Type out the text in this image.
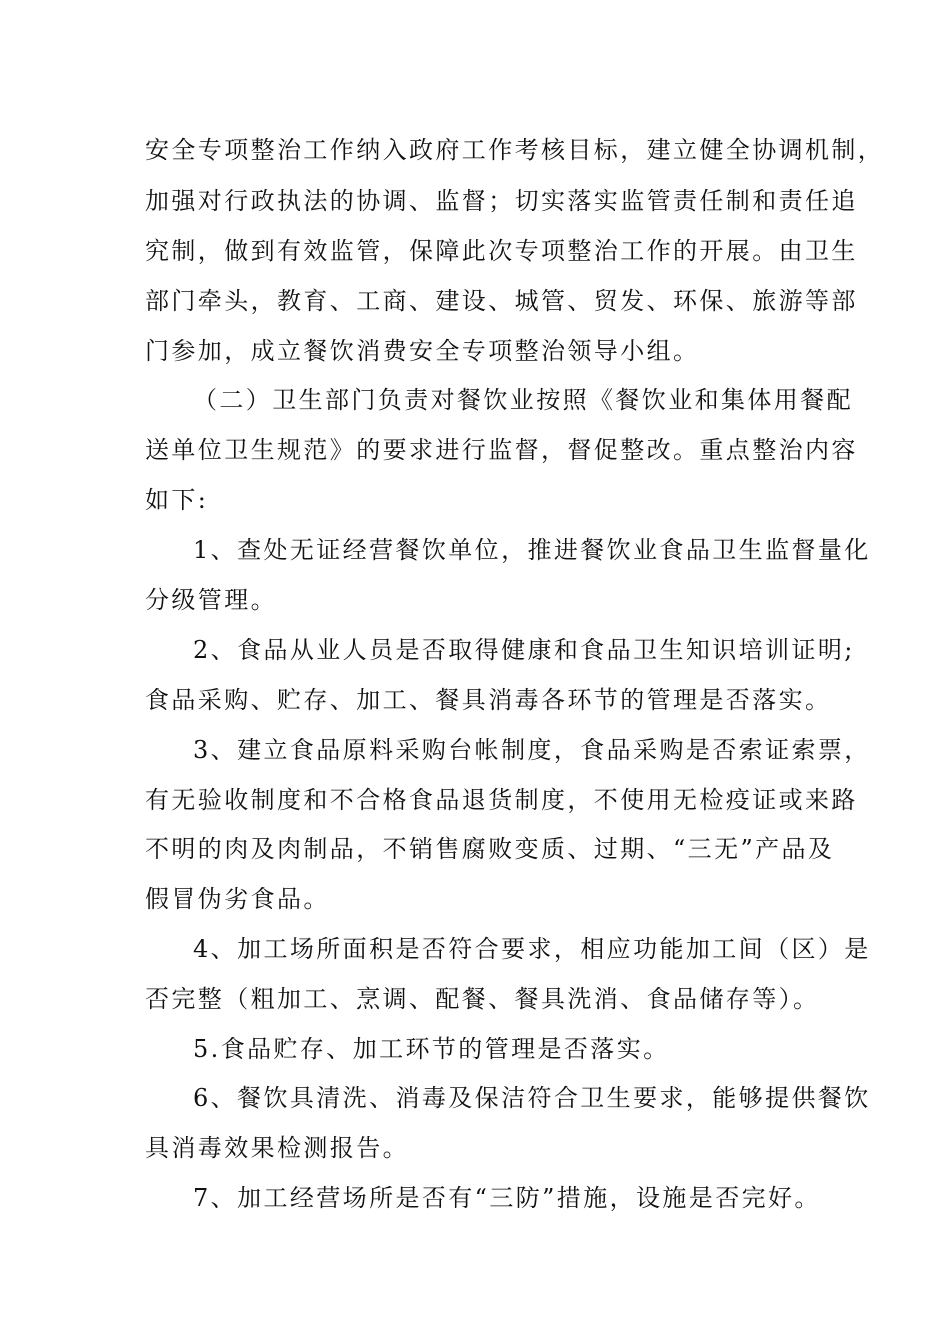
安全专项整治工作纳入政府工作考核目标，建立健全协调机制，
加强对行政执法的协调、监督；切实落实监管责任制和责任追
究制，做到有效监管，保障此次专项整治工作的开展。由卫生
部门牵头，教育、工商、建设、城管、贸发、环保、旅游等部
门参加，成立餐饮消费安全专项整治领导小组。
（二）卫生部门负责对餐饮业按照《餐饮业和集体用餐配
送单位卫生规范》的要求进行监督，督促整改。重点整治内容
如下:
1、查处无证经营餐饮单位，推进餐饮业食品卫生监督量化
分级管理。
2、食品从业人员是否取得健康和食品卫生知识培训证明;
食品采购、贮存、加工、餐具消毒各环节的管理是否落实。
3、建立食品原料采购台帐制度，食品采购是否索证索票，
有无验收制度和不合格食品退货制度，不使用无检疫证或来路
不明的肉及肉制品，不销售腐败变质、过期、“三无”产品及
假冒伪劣食品。
4、加工场所面积是否符合要求，相应功能加工间（区）是
否完整（粗加工、烹调、配餐、餐具洗消、食品储存等）。
5.食品贮存、加工环节的管理是否落实。
6、餐饮具清洗、消毒及保洁符合卫生要求，能够提供餐饮
具消毒效果检测报告。
7、加工经营场所是否有“三防”措施，设施是否完好。
